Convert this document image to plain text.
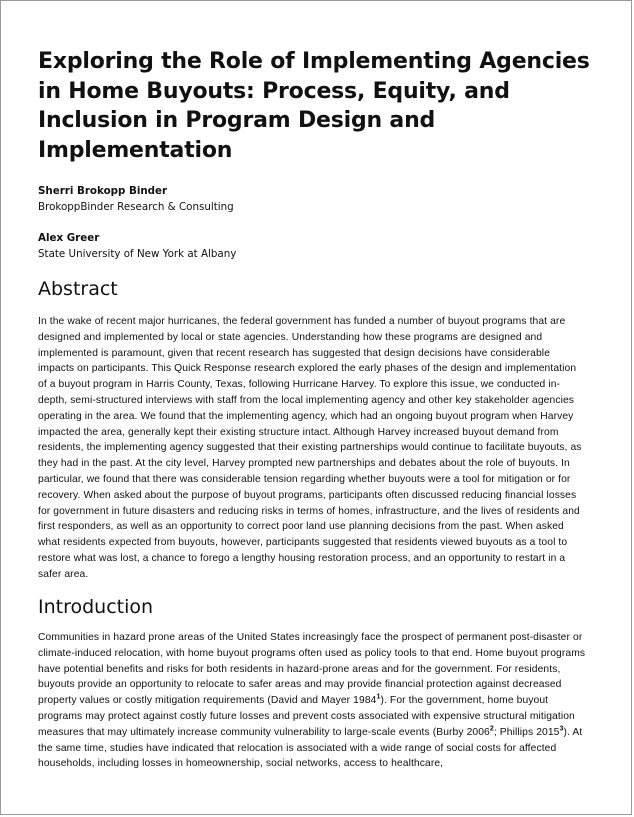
Exploring the Role of Implementing Agencies in Home Buyouts: Process, Equity, and Inclusion in Program Design and Implementation
Sherri Brokopp Binder
BrokoppBinder Research & Consulting
Alex Greer
State University of New York at Albany
Abstract

In the wake of recent major hurricanes, the federal government has funded a number of buyout programs that are designed and implemented by local or state agencies. Understanding how these programs are designed and implemented is paramount, given that recent research has suggested that design decisions have considerable impacts on participants. This Quick Response research explored the early phases of the design and implementation of a buyout program in Harris County, Texas, following Hurricane Harvey. To explore this issue, we conducted in-depth, semi-structured interviews with staff from the local implementing agency and other key stakeholder agencies operating in the area. We found that the implementing agency, which had an ongoing buyout program when Harvey impacted the area, generally kept their existing structure intact. Although Harvey increased buyout demand from residents, the implementing agency suggested that their existing partnerships would continue to facilitate buyouts, as they had in the past. At the city level, Harvey prompted new partnerships and debates about the role of buyouts. In particular, we found that there was considerable tension regarding whether buyouts were a tool for mitigation or for recovery. When asked about the purpose of buyout programs, participants often discussed reducing financial losses for government in future disasters and reducing risks in terms of homes, infrastructure, and the lives of residents and first responders, as well as an opportunity to correct poor land use planning decisions from the past. When asked what residents expected from buyouts, however, participants suggested that residents viewed buyouts as a tool to restore what was lost, a chance to forego a lengthy housing restoration process, and an opportunity to restart in a safer area.

Introduction

Communities in hazard prone areas of the United States increasingly face the prospect of permanent post-disaster or climate-induced relocation, with home buyout programs often used as policy tools to that end. Home buyout programs have potential benefits and risks for both residents in hazard-prone areas and for the government. For residents, buyouts provide an opportunity to relocate to safer areas and may provide financial protection against decreased property values or costly mitigation requirements (David and Mayer 1984$^1$). For the government, home buyout programs may protect against costly future losses and prevent costs associated with expensive structural mitigation measures that may ultimately increase community vulnerability to large-scale events (Burby 2006$^2$; Phillips 2015$^3$). At the same time, studies have indicated that relocation is associated with a wide range of social costs for affected households, including losses in homeownership, social networks, access to healthcare,
